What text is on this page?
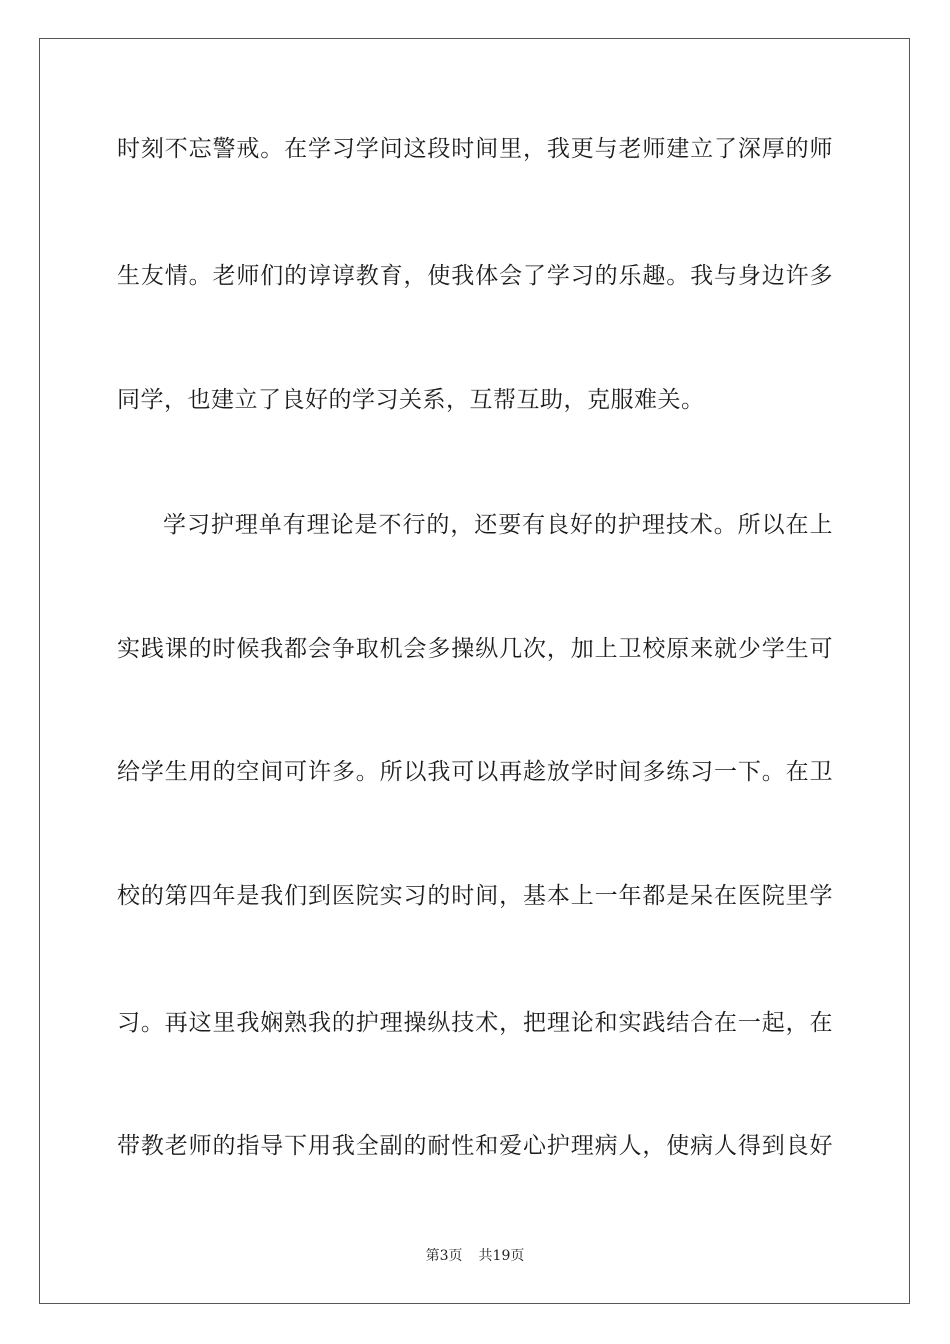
时刻不忘警戒。在学习学问这段时间里，我更与老师建立了深厚的师
生友情。老师们的谆谆教育，使我体会了学习的乐趣。我与身边许多
同学，也建立了良好的学习关系，互帮互助，克服难关。
学习护理单有理论是不行的，还要有良好的护理技术。所以在上
实践课的时候我都会争取机会多操纵几次，加上卫校原来就少学生可
给学生用的空间可许多。所以我可以再趁放学时间多练习一下。在卫
校的第四年是我们到医院实习的时间，基本上一年都是呆在医院里学
习。再这里我娴熟我的护理操纵技术，把理论和实践结合在一起，在
带教老师的指导下用我全副的耐性和爱心护理病人，使病人得到良好
第3页 共19页
